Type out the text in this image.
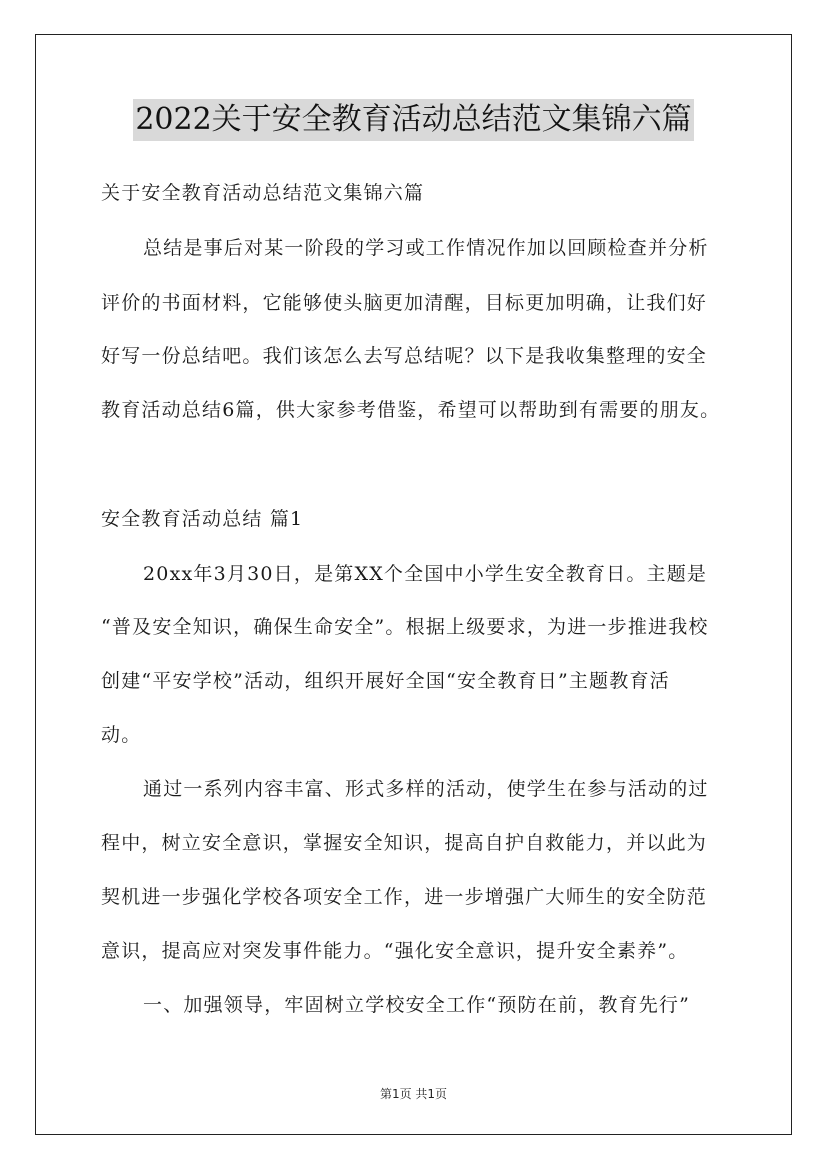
2022关于安全教育活动总结范文集锦六篇
关于安全教育活动总结范文集锦六篇
总结是事后对某一阶段的学习或工作情况作加以回顾检查并分析
评价的书面材料，它能够使头脑更加清醒，目标更加明确，让我们好
好写一份总结吧。我们该怎么去写总结呢？以下是我收集整理的安全
教育活动总结6篇，供大家参考借鉴，希望可以帮助到有需要的朋友。
安全教育活动总结 篇1
20xx年3月30日，是第XX个全国中小学生安全教育日。主题是
“普及安全知识，确保生命安全”。根据上级要求，为进一步推进我校
创建“平安学校”活动，组织开展好全国“安全教育日”主题教育活
动。
通过一系列内容丰富、形式多样的活动，使学生在参与活动的过
程中，树立安全意识，掌握安全知识，提高自护自救能力，并以此为
契机进一步强化学校各项安全工作，进一步增强广大师生的安全防范
意识，提高应对突发事件能力。“强化安全意识，提升安全素养”。
一、加强领导，牢固树立学校安全工作“预防在前，教育先行”
第1页 共1页
